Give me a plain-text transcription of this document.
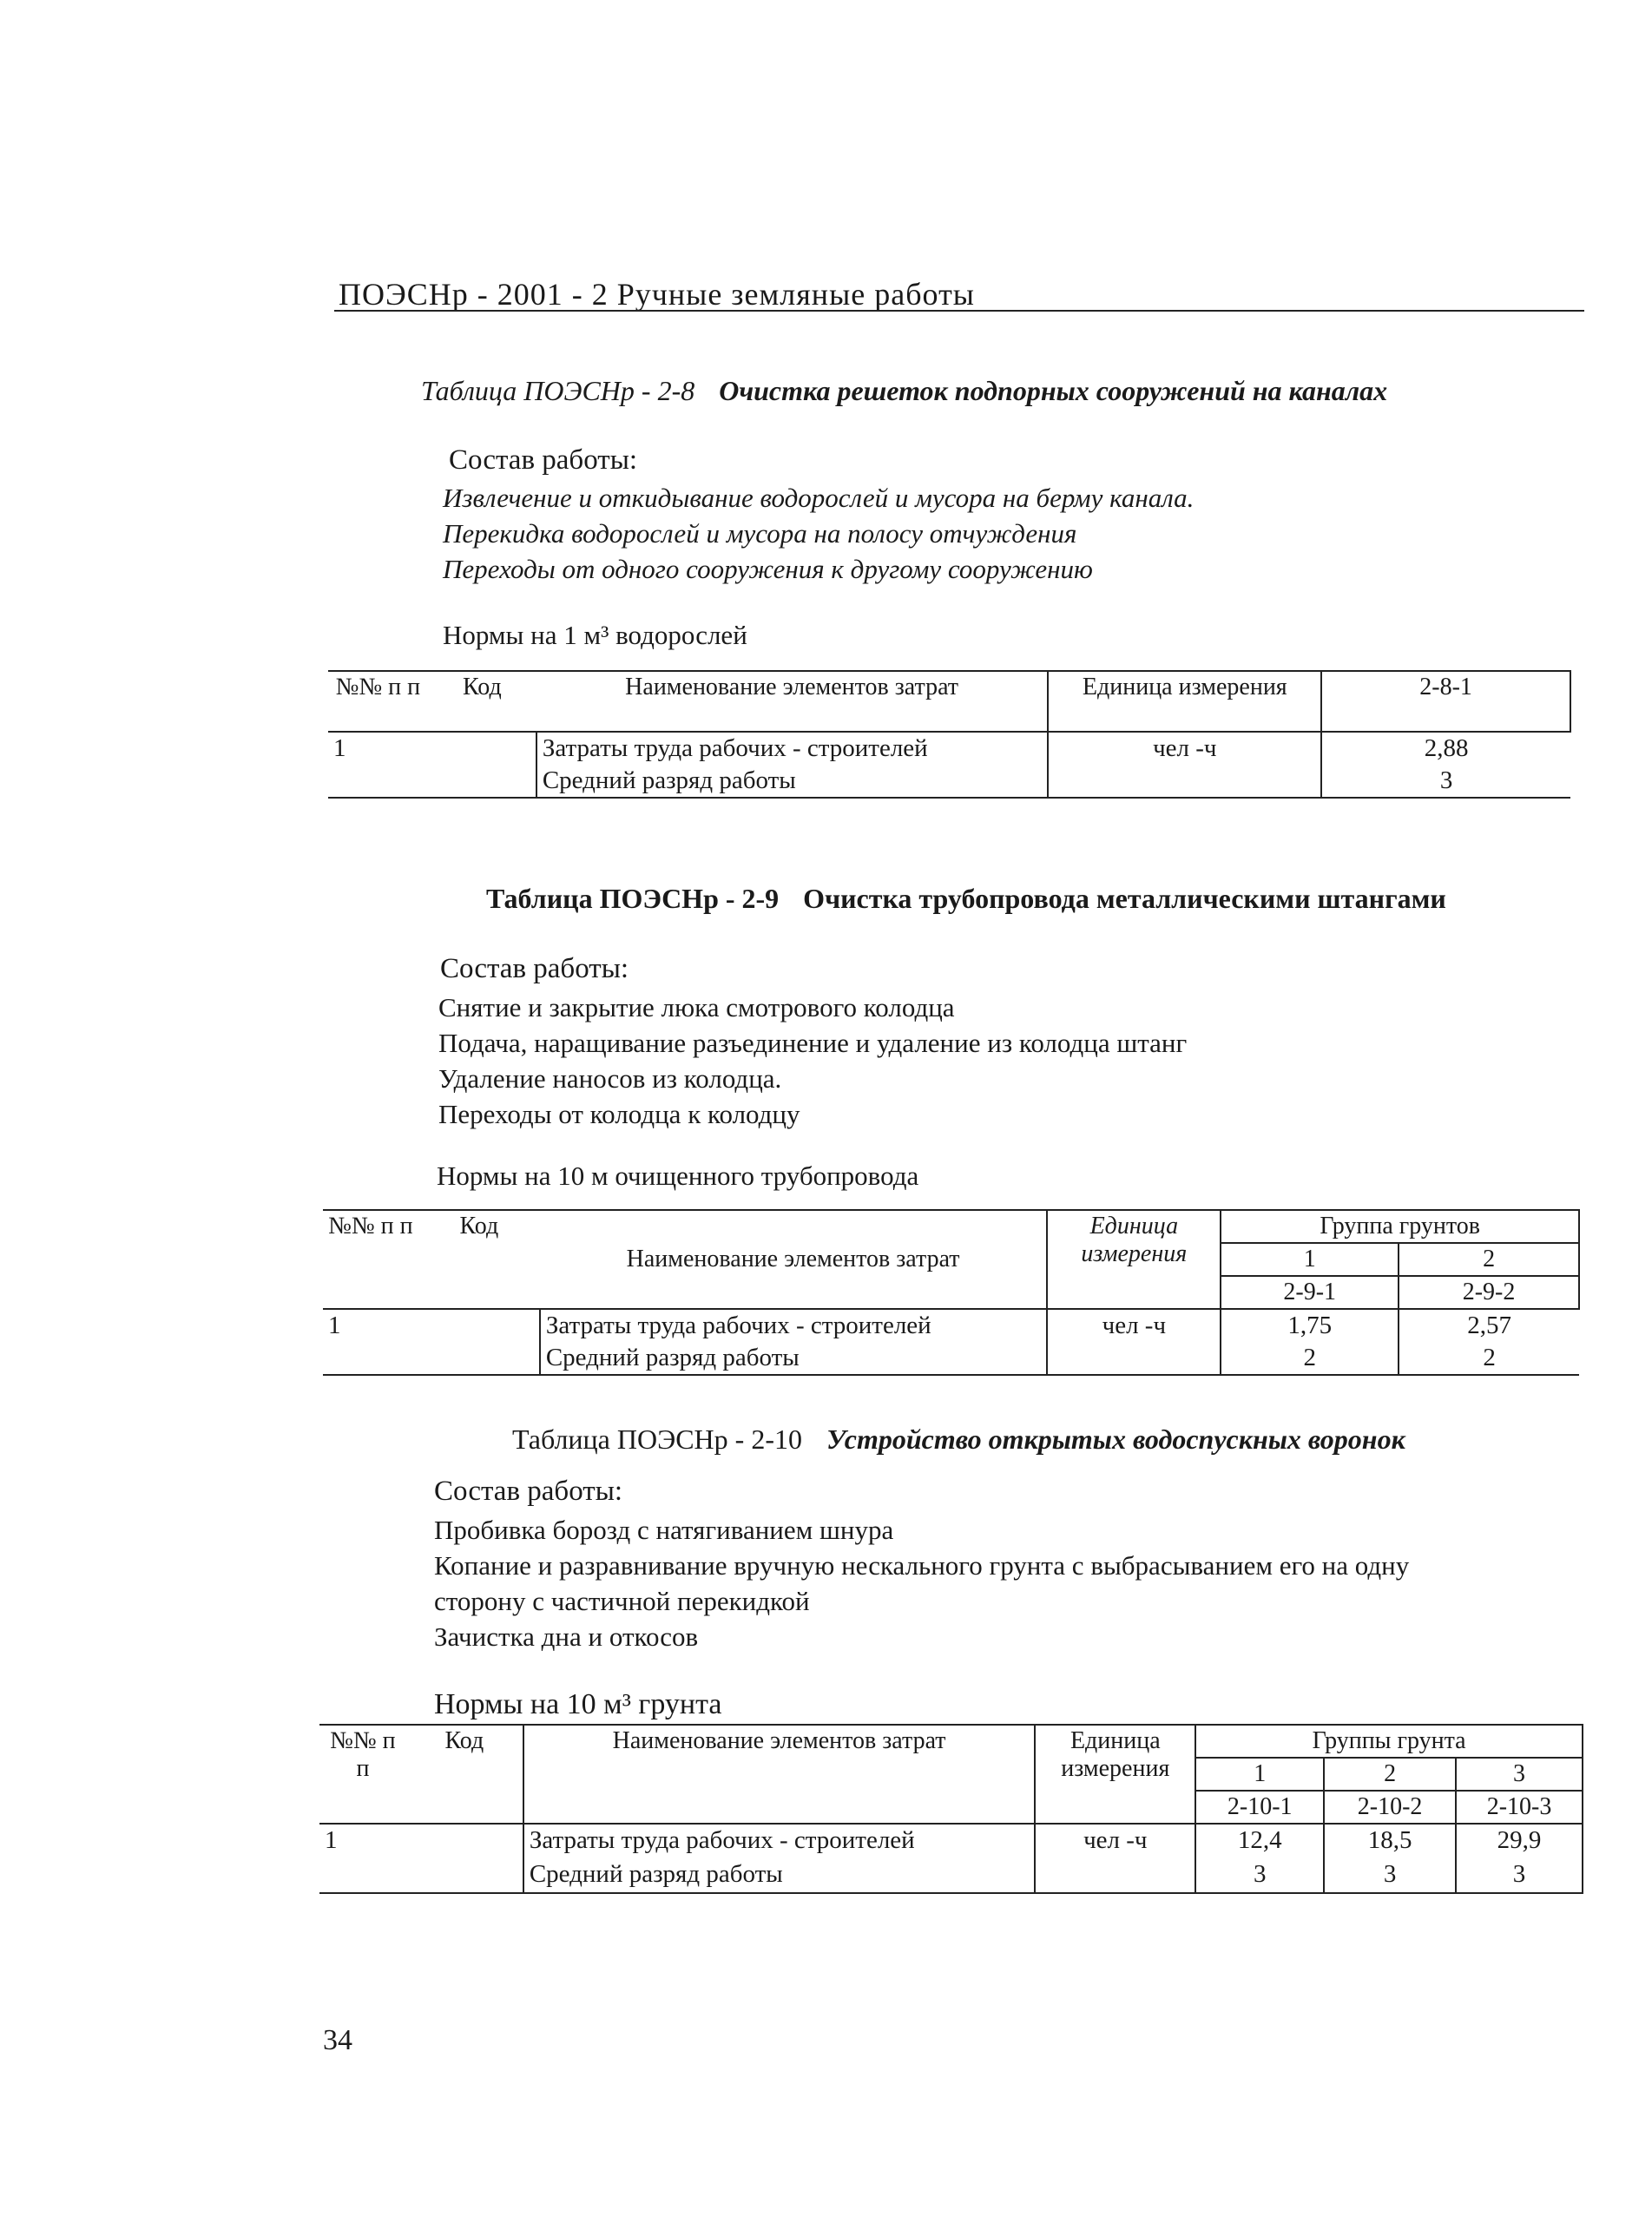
ПОЭСНр - 2001 - 2 Ручные земляные работы
Таблица ПОЭСНр - 2-8 Очистка решеток подпорных сооружений на каналах
Состав работы:
Извлечение и откидывание водорослей и мусора на берму канала.
Перекидка водорослей и мусора на полосу отчуждения
Переходы от одного сооружения к другому сооружению
Нормы на 1 м³ водорослей
№№ п п	Код	Наименование элементов затрат	Единица измерения	2-8-1
1		Затраты труда рабочих - строителей	чел -ч	2,88
		Средний разряд работы		3
Таблица ПОЭСНр - 2-9 Очистка трубопровода металлическими штангами
Состав работы:
Снятие и закрытие люка смотрового колодца
Подача, наращивание разъединение и удаление из колодца штанг
Удаление наносов из колодца.
Переходы от колодца к колодцу
Нормы на 10 м очищенного трубопровода
№№ п п	Код	Наименование элементов затрат	Единица измерения	Группа грунтов	
				1	2
				2-9-1	2-9-2
1		Затраты труда рабочих - строителей	чел -ч	1,75	2,57
		Средний разряд работы		2	2
Таблица ПОЭСНр - 2-10 Устройство открытых водоспускных воронок
Состав работы:
Пробивка борозд с натягиванием шнура
Копание и разравнивание вручную нескального грунта с выбрасыванием его на одну
сторону с частичной перекидкой
Зачистка дна и откосов
Нормы на 10 м³ грунта
№№ п п	Код	Наименование элементов затрат	Единица измерения	Группы грунта		
				1	2	3
				2-10-1	2-10-2	2-10-3
1		Затраты труда рабочих - строителей	чел -ч	12,4	18,5	29,9
		Средний разряд работы		3	3	3
34
